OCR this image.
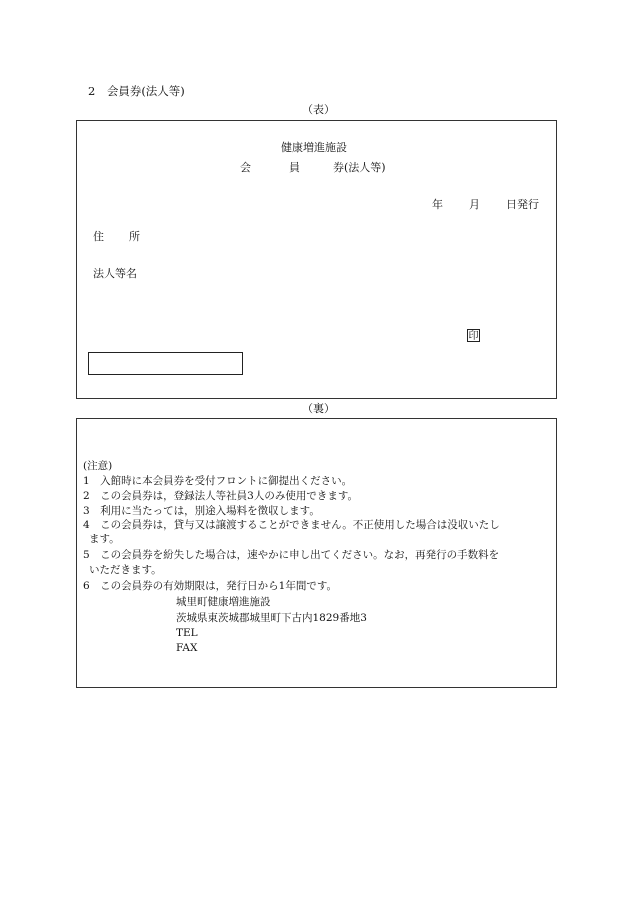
2　会員券(法人等)
（表）
健康増進施設
会	員	券(法人等)
年 月 日発行
住 所
法人等名
印
（裏）
(注意)
1　入館時に本会員券を受付フロントに御提出ください。
2　この会員券は，登録法人等社員3人のみ使用できます。
3　利用に当たっては，別途入場料を徴収します。
4　この会員券は，貸与又は譲渡することができません。不正使用した場合は没収いたし
ます。
5　この会員券を紛失した場合は，速やかに申し出てください。なお，再発行の手数料を
いただきます。
6　この会員券の有効期限は，発行日から1年間です。
城里町健康増進施設
茨城県東茨城郡城里町下古内1829番地3
TEL
FAX
